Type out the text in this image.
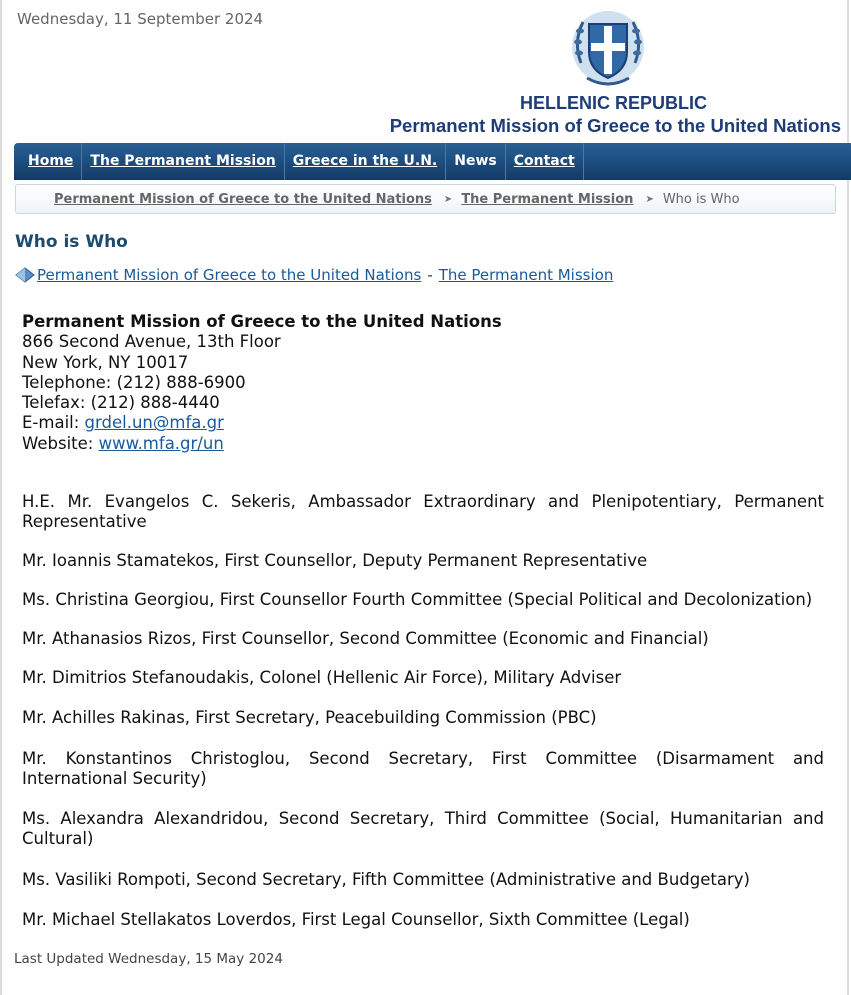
Wednesday, 11 September 2024
HELLENIC REPUBLIC
Permanent Mission of Greece to the United Nations
Home	The Permanent Mission	Greece in the U.N.	News	Contact
Permanent Mission of Greece to the United Nations ➤ The Permanent Mission ➤ Who is Who
Who is Who
Permanent Mission of Greece to the United Nations - The Permanent Mission
Permanent Mission of Greece to the United Nations
866 Second Avenue, 13th Floor
New York, NY 10017
Telephone: (212) 888-6900
Telefax: (212) 888-4440
E-mail: grdel.un@mfa.gr
Website: www.mfa.gr/un

H.E. Mr. Evangelos C. Sekeris, Ambassador Extraordinary and Plenipotentiary, Permanent Representative

Mr. Ioannis Stamatekos, First Counsellor, Deputy Permanent Representative

Ms. Christina Georgiou, First Counsellor Fourth Committee (Special Political and Decolonization)

Mr. Athanasios Rizos, First Counsellor, Second Committee (Economic and Financial)

Mr. Dimitrios Stefanoudakis, Colonel (Hellenic Air Force), Military Adviser

Mr. Achilles Rakinas, First Secretary, Peacebuilding Commission (PBC)

Mr. Konstantinos Christoglou, Second Secretary, First Committee (Disarmament and International Security)

Ms. Alexandra Alexandridou, Second Secretary, Third Committee (Social, Humanitarian and Cultural)

Ms. Vasiliki Rompoti, Second Secretary, Fifth Committee (Administrative and Budgetary)

Mr. Michael Stellakatos Loverdos, First Legal Counsellor, Sixth Committee (Legal)

Last Updated Wednesday, 15 May 2024
